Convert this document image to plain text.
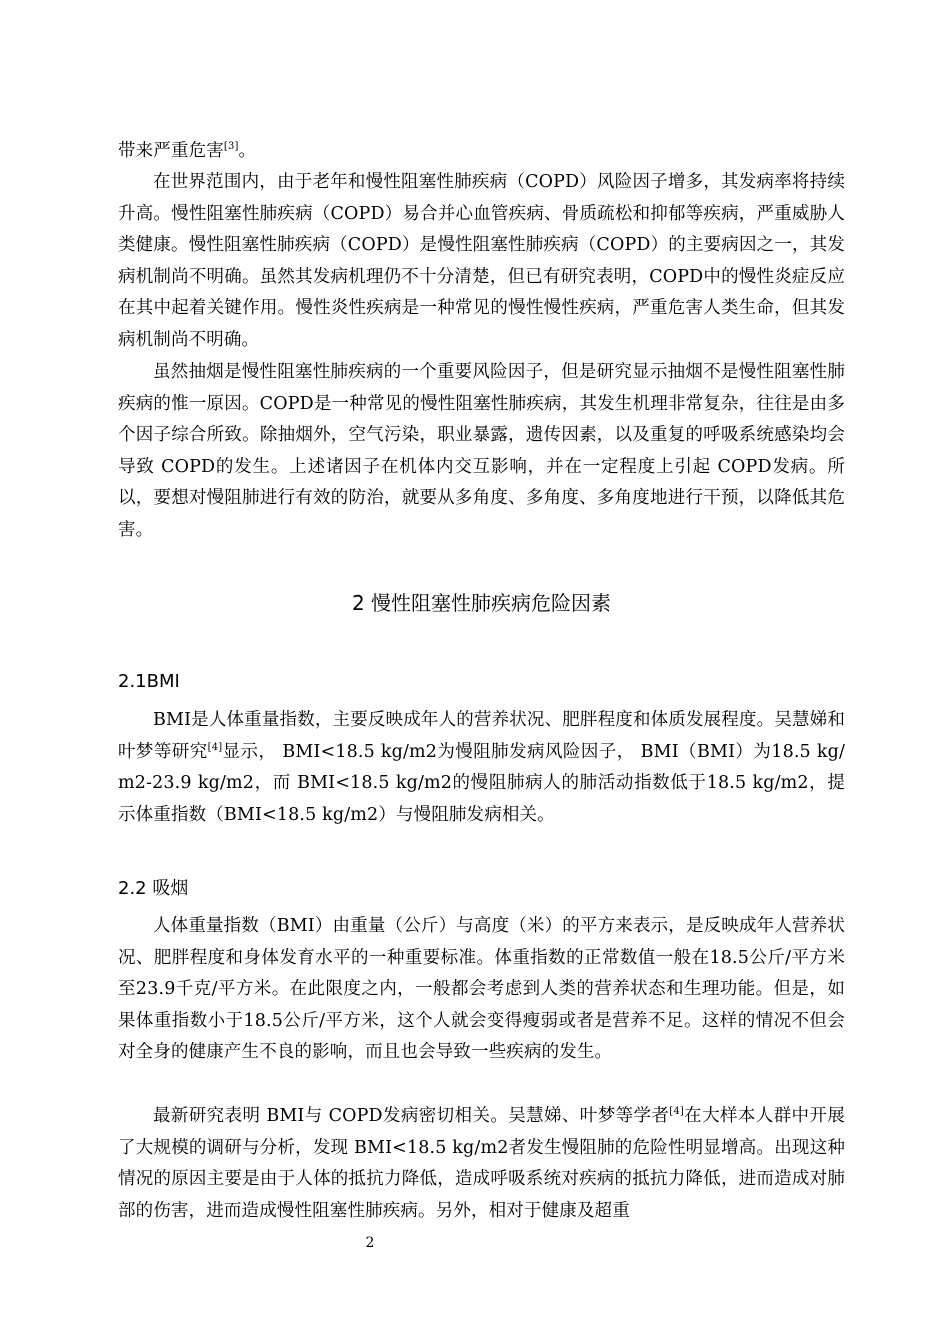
带来严重危害[3]。

在世界范围内，由于老年和慢性阻塞性肺疾病（COPD）风险因子增多，其发病率将持续升高。慢性阻塞性肺疾病（COPD）易合并心血管疾病、骨质疏松和抑郁等疾病，严重威胁人类健康。慢性阻塞性肺疾病（COPD）是慢性阻塞性肺疾病（COPD）的主要病因之一，其发病机制尚不明确。虽然其发病机理仍不十分清楚，但已有研究表明，COPD中的慢性炎症反应在其中起着关键作用。慢性炎性疾病是一种常见的慢性慢性疾病，严重危害人类生命，但其发病机制尚不明确。

虽然抽烟是慢性阻塞性肺疾病的一个重要风险因子，但是研究显示抽烟不是慢性阻塞性肺疾病的惟一原因。COPD是一种常见的慢性阻塞性肺疾病，其发生机理非常复杂，往往是由多个因子综合所致。除抽烟外，空气污染，职业暴露，遗传因素，以及重复的呼吸系统感染均会导致 COPD的发生。上述诸因子在机体内交互影响，并在一定程度上引起 COPD发病。所以，要想对慢阻肺进行有效的防治，就要从多角度、多角度、多角度地进行干预，以降低其危害。

2 慢性阻塞性肺疾病危险因素
2.1BMI

BMI是人体重量指数，主要反映成年人的营养状况、肥胖程度和体质发展程度。吴慧娣和叶梦等研究[4]显示， BMI<18.5 kg/m2为慢阻肺发病风险因子， BMI（BMI）为18.5 kg/m2-23.9 kg/m2，而 BMI<18.5 kg/m2的慢阻肺病人的肺活动指数低于18.5 kg/m2，提示体重指数（BMI<18.5 kg/m2）与慢阻肺发病相关。

2.2 吸烟

人体重量指数（BMI）由重量（公斤）与高度（米）的平方来表示，是反映成年人营养状况、肥胖程度和身体发育水平的一种重要标准。体重指数的正常数值一般在18.5公斤/平方米至23.9千克/平方米。在此限度之内，一般都会考虑到人类的营养状态和生理功能。但是，如果体重指数小于18.5公斤/平方米，这个人就会变得瘦弱或者是营养不足。这样的情况不但会对全身的健康产生不良的影响，而且也会导致一些疾病的发生。

最新研究表明 BMI与 COPD发病密切相关。吴慧娣、叶梦等学者[4]在大样本人群中开展了大规模的调研与分析，发现 BMI<18.5 kg/m2者发生慢阻肺的危险性明显增高。出现这种情况的原因主要是由于人体的抵抗力降低，造成呼吸系统对疾病的抵抗力降低，进而造成对肺部的伤害，进而造成慢性阻塞性肺疾病。另外，相对于健康及超重

2
